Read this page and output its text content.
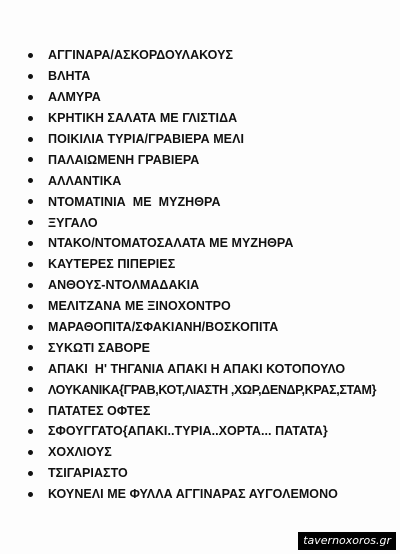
ΑΓΓΙΝΑΡΑ/ΑΣΚΟΡΔΟΥΛΑΚΟΥΣ
ΒΛΗΤΑ
ΑΛΜΥΡΑ
ΚΡΗΤΙΚΗ ΣΑΛΑΤΑ ΜΕ ΓΛΙΣΤΙΔΑ
ΠΟΙΚΙΛΙΑ ΤΥΡΙΑ/ΓΡΑΒΙΕΡΑ ΜΕΛΙ
ΠΑΛΑΙΩΜΕΝΗ ΓΡΑΒΙΕΡΑ
ΑΛΛΑΝΤΙΚΑ
ΝΤΟΜΑΤΙΝΙΑ  ΜΕ  ΜΥΖΗΘΡΑ
ΞΥΓΑΛΟ
ΝΤΑΚΟ/ΝΤΟΜΑΤΟΣΑΛΑΤΑ ΜΕ ΜΥΖΗΘΡΑ
ΚΑΥΤΕΡΕΣ ΠΙΠΕΡΙΕΣ
ΑΝΘΟΥΣ-ΝΤΟΛΜΑΔΑΚΙΑ
ΜΕΛΙΤΖΑΝΑ ΜΕ ΞΙΝΟΧΟΝΤΡΟ
ΜΑΡΑΘΟΠΙΤΑ/ΣΦΑΚΙΑΝΗ/ΒΟΣΚΟΠΙΤΑ
ΣΥΚΩΤΙ ΣΑΒΟΡΕ
ΑΠΑΚΙ  Η' ΤΗΓΑΝΙΑ ΑΠΑΚΙ Η ΑΠΑΚΙ ΚΟΤΟΠΟΥΛΟ
ΛΟΥΚΑΝΙΚΑ{ΓΡΑΒ,ΚΟΤ,ΛΙΑΣΤΗ ,ΧΩΡ,ΔΕΝΔΡ,ΚΡΑΣ,ΣΤΑΜ}
ΠΑΤΑΤΕΣ ΟΦΤΕΣ
ΣΦΟΥΓΓΑΤΟ{ΑΠΑΚΙ..ΤΥΡΙΑ..ΧΟΡΤΑ... ΠΑΤΑΤΑ}
ΧΟΧΛΙΟΥΣ
ΤΣΙΓΑΡΙΑΣΤΟ
ΚΟΥΝΕΛΙ ΜΕ ΦΥΛΛΑ ΑΓΓΙΝΑΡΑΣ ΑΥΓΟΛΕΜΟΝΟ
tavernoxoros.gr
